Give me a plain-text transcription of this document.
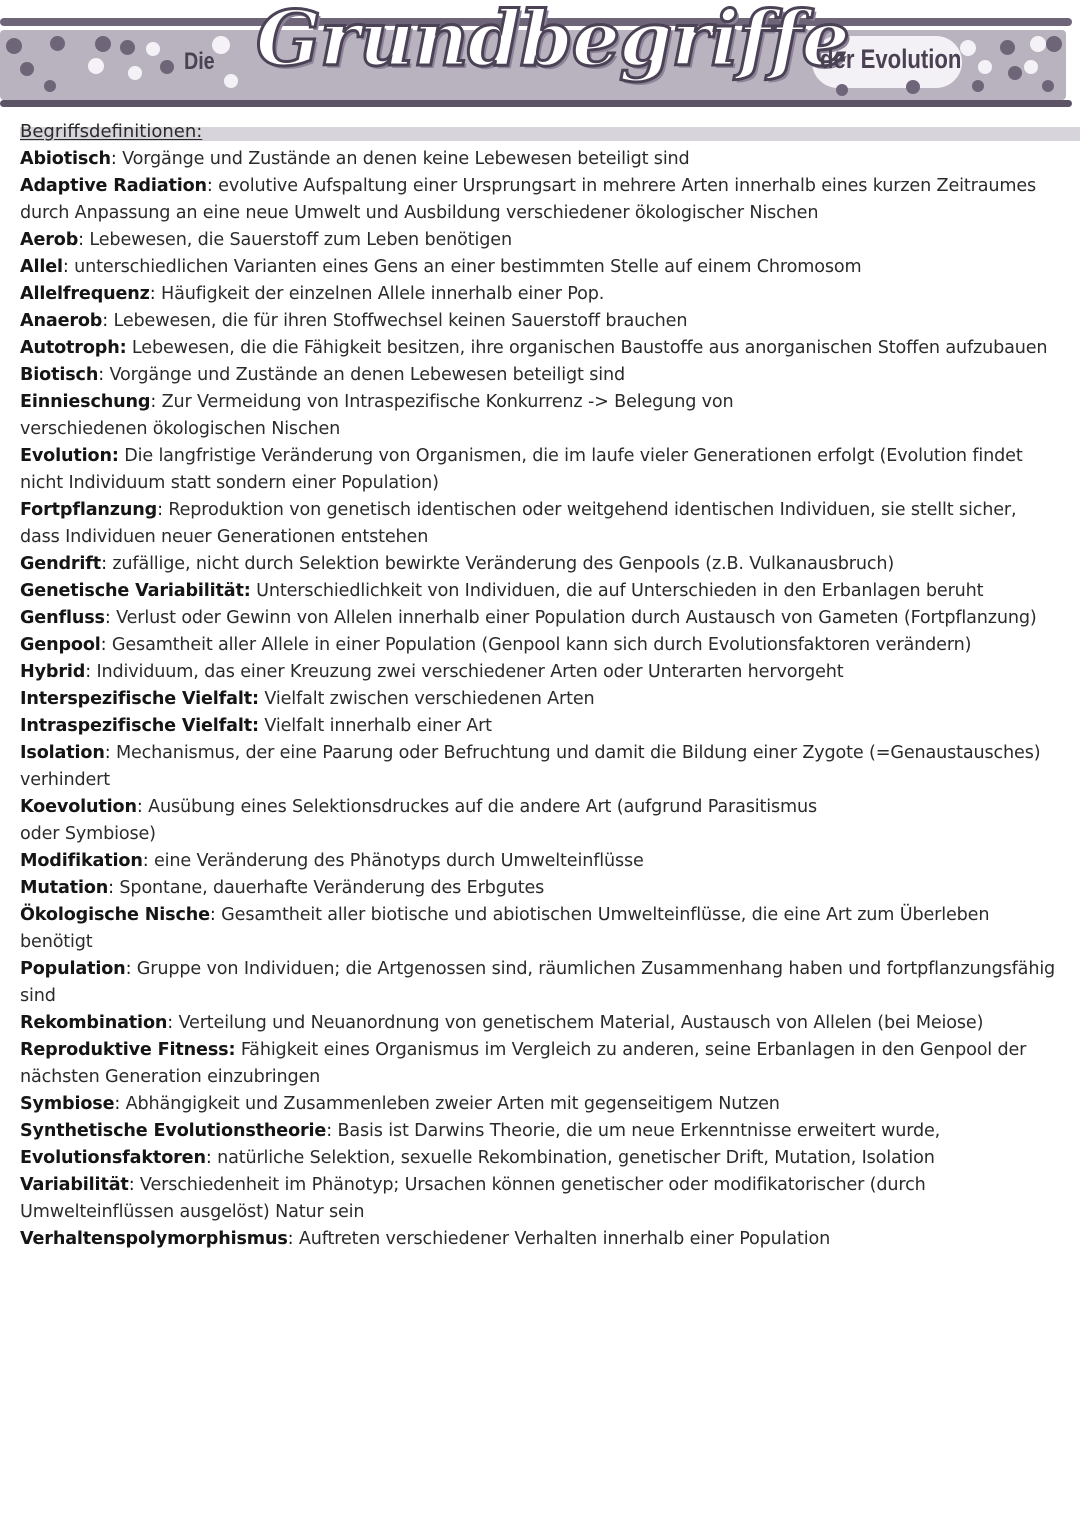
Die Grundbegriffe
der Evolution
Begriffsdefinitionen:

Abiotisch: Vorgänge und Zustände an denen keine Lebewesen beteiligt sind

Adaptive Radiation: evolutive Aufspaltung einer Ursprungsart in mehrere Arten innerhalb eines kurzen Zeitraumes durch Anpassung an eine neue Umwelt und Ausbildung verschiedener ökologischer Nischen

Aerob: Lebewesen, die Sauerstoff zum Leben benötigen

Allel: unterschiedlichen Varianten eines Gens an einer bestimmten Stelle auf einem Chromosom

Allelfrequenz: Häufigkeit der einzelnen Allele innerhalb einer Pop.

Anaerob: Lebewesen, die für ihren Stoffwechsel keinen Sauerstoff brauchen

Autotroph: Lebewesen, die die Fähigkeit besitzen, ihre organischen Baustoffe aus anorganischen Stoffen aufzubauen

Biotisch: Vorgänge und Zustände an denen Lebewesen beteiligt sind

Einnieschung: Zur Vermeidung von Intraspezifische Konkurrenz -> Belegung von verschiedenen ökologischen Nischen

Evolution: Die langfristige Veränderung von Organismen, die im laufe vieler Generationen erfolgt (Evolution findet nicht Individuum statt sondern einer Population)

Fortpflanzung: Reproduktion von genetisch identischen oder weitgehend identischen Individuen, sie stellt sicher, dass Individuen neuer Generationen entstehen

Gendrift: zufällige, nicht durch Selektion bewirkte Veränderung des Genpools (z.B. Vulkanausbruch)

Genetische Variabilität: Unterschiedlichkeit von Individuen, die auf Unterschieden in den Erbanlagen beruht

Genfluss: Verlust oder Gewinn von Allelen innerhalb einer Population durch Austausch von Gameten (Fortpflanzung)

Genpool: Gesamtheit aller Allele in einer Population (Genpool kann sich durch Evolutionsfaktoren verändern)

Hybrid: Individuum, das einer Kreuzung zwei verschiedener Arten oder Unterarten hervorgeht

Interspezifische Vielfalt: Vielfalt zwischen verschiedenen Arten

Intraspezifische Vielfalt: Vielfalt innerhalb einer Art

Isolation: Mechanismus, der eine Paarung oder Befruchtung und damit die Bildung einer Zygote (=Genaustausches) verhindert

Koevolution: Ausübung eines Selektionsdruckes auf die andere Art (aufgrund Parasitismus oder Symbiose)

Modifikation: eine Veränderung des Phänotyps durch Umwelteinflüsse

Mutation: Spontane, dauerhafte Veränderung des Erbgutes

Ökologische Nische: Gesamtheit aller biotische und abiotischen Umwelteinflüsse, die eine Art zum Überleben benötigt

Population: Gruppe von Individuen; die Artgenossen sind, räumlichen Zusammenhang haben und fortpflanzungsfähig sind

Rekombination: Verteilung und Neuanordnung von genetischem Material, Austausch von Allelen (bei Meiose)

Reproduktive Fitness: Fähigkeit eines Organismus im Vergleich zu anderen, seine Erbanlagen in den Genpool der nächsten Generation einzubringen

Symbiose: Abhängigkeit und Zusammenleben zweier Arten mit gegenseitigem Nutzen

Synthetische Evolutionstheorie: Basis ist Darwins Theorie, die um neue Erkenntnisse erweitert wurde,

Evolutionsfaktoren: natürliche Selektion, sexuelle Rekombination, genetischer Drift, Mutation, Isolation

Variabilität: Verschiedenheit im Phänotyp; Ursachen können genetischer oder modifikatorischer (durch Umwelteinflüssen ausgelöst) Natur sein

Verhaltenspolymorphismus: Auftreten verschiedener Verhalten innerhalb einer Population
